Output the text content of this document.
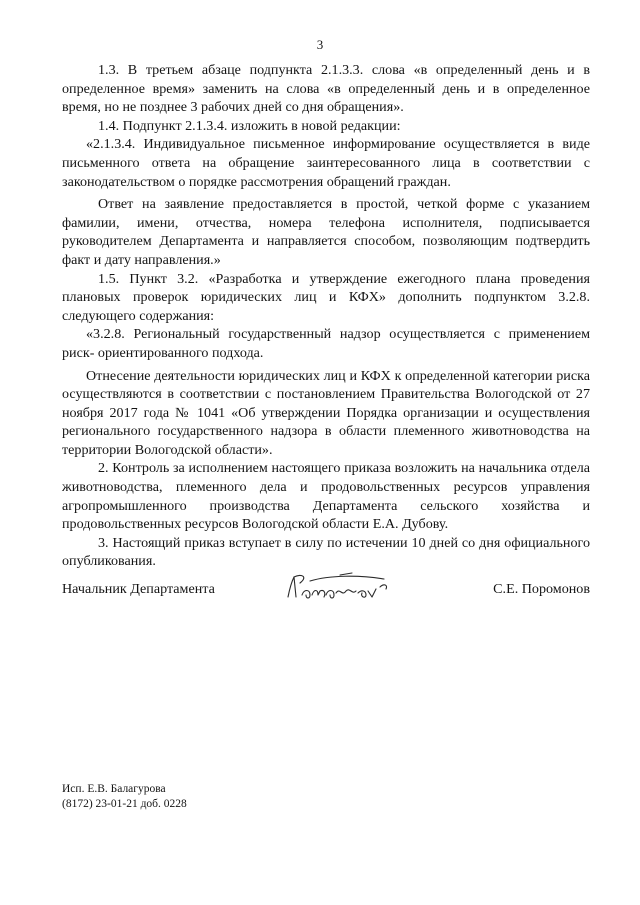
3

1.3. В третьем абзаце подпункта 2.1.3.3. слова «в определенный день и в определенное время» заменить на слова «в определенный день и в определенное время, но не позднее 3 рабочих дней со дня обращения».

1.4. Подпункт 2.1.3.4. изложить в новой редакции:

«2.1.3.4. Индивидуальное письменное информирование осуществляется в виде письменного ответа на обращение заинтересованного лица в соответствии с законодательством о порядке рассмотрения обращений граждан.

Ответ на заявление предоставляется в простой, четкой форме с указанием фамилии, имени, отчества, номера телефона исполнителя, подписывается руководителем Департамента и направляется способом, позволяющим подтвердить факт и дату направления.»

1.5. Пункт 3.2. «Разработка и утверждение ежегодного плана проведения плановых проверок юридических лиц и КФХ» дополнить подпунктом 3.2.8. следующего содержания:

«3.2.8. Региональный государственный надзор осуществляется с применением риск- ориентированного подхода.

Отнесение деятельности юридических лиц и КФХ к определенной категории риска осуществляются в соответствии с постановлением Правительства Вологодской от 27 ноября 2017 года № 1041 «Об утверждении Порядка организации и осуществления регионального государственного надзора в области племенного животноводства на территории Вологодской области».

2. Контроль за исполнением настоящего приказа возложить на начальника отдела животноводства, племенного дела и продовольственных ресурсов управления агропромышленного производства Департамента сельского хозяйства и продовольственных ресурсов Вологодской области Е.А. Дубову.

3. Настоящий приказ вступает в силу по истечении 10 дней со дня официального опубликования.

Начальник Департамента	С.Е. Поромонов
Исп. Е.В. Балагурова
(8172) 23-01-21 доб. 0228
